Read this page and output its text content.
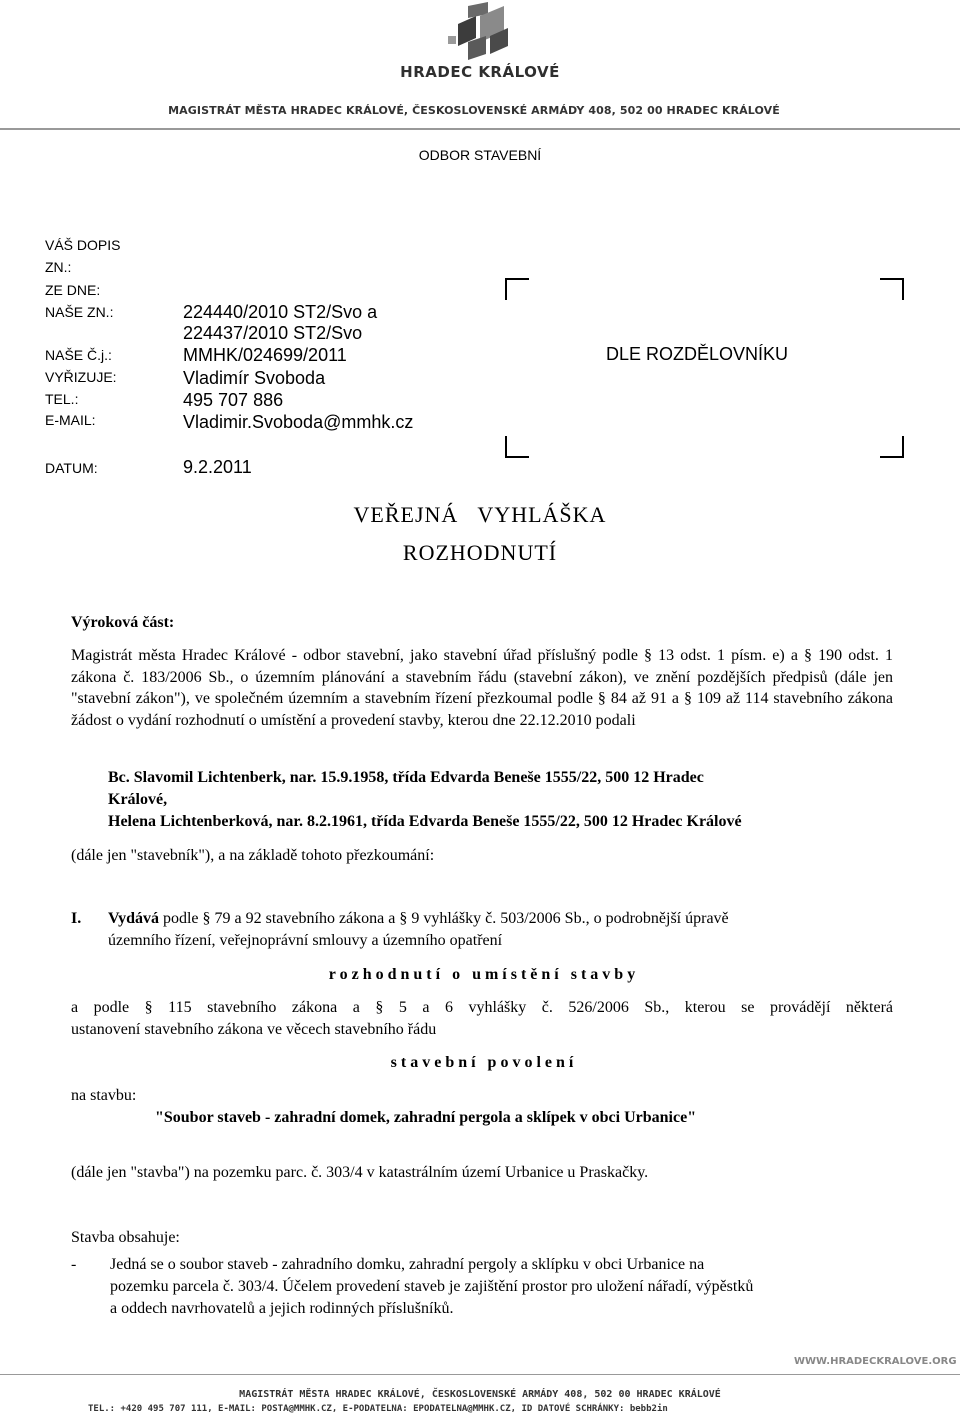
HRADEC KRÁLOVÉ
MAGISTRÁT MĚSTA HRADEC KRÁLOVÉ, ČESKOSLOVENSKÉ ARMÁDY 408, 502 00 HRADEC KRÁLOVÉ
ODBOR STAVEBNÍ
VÁŠ DOPIS
ZN.:
ZE DNE:
NAŠE ZN.:	224440/2010 ST2/Svo a
224437/2010 ST2/Svo
NAŠE Č.j.:	MMHK/024699/2011
VYŘIZUJE:	Vladimír Svoboda
TEL.:	495 707 886
E-MAIL:	Vladimir.Svoboda@mmhk.cz
DATUM:	9.2.2011
DLE ROZDĚLOVNÍKU
VEŘEJNÁ   VYHLÁŠKA
ROZHODNUTÍ
Výroková část:
Magistrát města Hradec Králové - odbor stavební, jako stavební úřad příslušný podle § 13 odst. 1 písm. e) a § 190 odst. 1 zákona č. 183/2006 Sb., o územním plánování a stavebním řádu (stavební zákon), ve znění pozdějších předpisů (dále jen "stavební zákon"), ve společném územním a stavebním řízení přezkoumal podle § 84 až 91 a § 109 až 114 stavebního zákona žádost o vydání rozhodnutí o umístění a provedení stavby, kterou dne 22.12.2010 podali
Bc. Slavomil Lichtenberk, nar. 15.9.1958, třída Edvarda Beneše 1555/22, 500 12 Hradec
Králové,
Helena Lichtenberková, nar. 8.2.1961, třída Edvarda Beneše 1555/22, 500 12 Hradec Králové
(dále jen "stavebník"), a na základě tohoto přezkoumání:
I.	Vydává podle § 79 a 92 stavebního zákona a § 9 vyhlášky č. 503/2006 Sb., o podrobnější úpravě
územního řízení, veřejnoprávní smlouvy a územního opatření
r o z h o d n u t í   o   u m í s t ě n í   s t a v b y
a podle § 115 stavebního zákona a § 5 a 6 vyhlášky č. 526/2006 Sb., kterou se provádějí některá
ustanovení stavebního zákona ve věcech stavebního řádu
s t a v e b n í   p o v o l e n í
na stavbu:
"Soubor staveb - zahradní domek, zahradní pergola a sklípek v obci Urbanice"
(dále jen "stavba") na pozemku parc. č. 303/4 v katastrálním území Urbanice u Praskačky.
Stavba obsahuje:
-	Jedná se o soubor staveb - zahradního domku, zahradní pergoly a sklípku v obci Urbanice na
pozemku parcela č. 303/4. Účelem provedení staveb je zajištění prostor pro uložení nářadí, výpěstků
a oddech navrhovatelů a jejich rodinných příslušníků.
WWW.HRADECKRALOVE.ORG
MAGISTRÁT MĚSTA HRADEC KRÁLOVÉ, ČESKOSLOVENSKÉ ARMÁDY 408, 502 00 HRADEC KRÁLOVÉ
TEL.: +420 495 707 111, E-MAIL: POSTA@MMHK.CZ, E-PODATELNA: EPODATELNA@MMHK.CZ, ID DATOVÉ SCHRÁNKY: bebb2in
